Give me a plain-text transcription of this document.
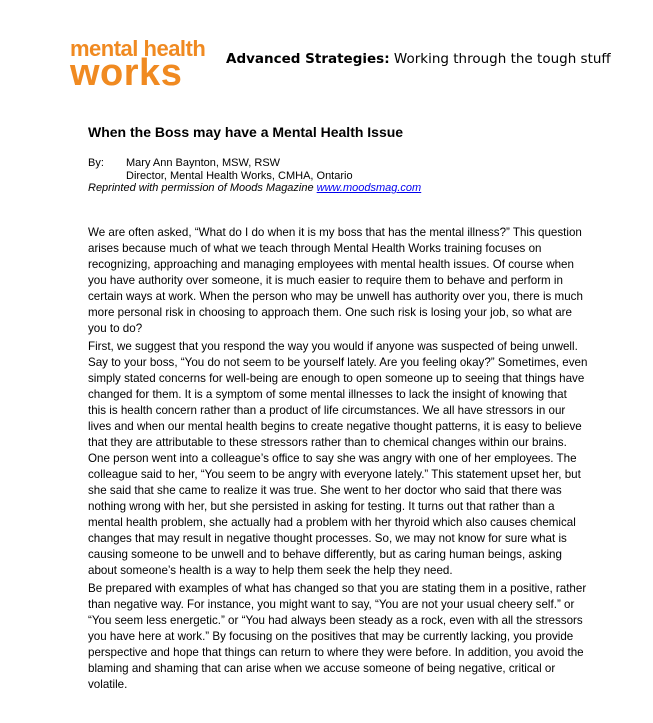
mental health
works	Advanced Strategies: Working through the tough stuff
When the Boss may have a Mental Health Issue
By: Mary Ann Baynton, MSW, RSW
Director, Mental Health Works, CMHA, Ontario
Reprinted with permission of Moods Magazine www.moodsmag.com

We are often asked, “What do I do when it is my boss that has the mental illness?” This question arises because much of what we teach through Mental Health Works training focuses on recognizing, approaching and managing employees with mental health issues. Of course when you have authority over someone, it is much easier to require them to behave and perform in certain ways at work. When the person who may be unwell has authority over you, there is much more personal risk in choosing to approach them. One such risk is losing your job, so what are you to do?

First, we suggest that you respond the way you would if anyone was suspected of being unwell. Say to your boss, “You do not seem to be yourself lately. Are you feeling okay?” Sometimes, even simply stated concerns for well-being are enough to open someone up to seeing that things have changed for them. It is a symptom of some mental illnesses to lack the insight of knowing that this is health concern rather than a product of life circumstances. We all have stressors in our lives and when our mental health begins to create negative thought patterns, it is easy to believe that they are attributable to these stressors rather than to chemical changes within our brains. One person went into a colleague’s office to say she was angry with one of her employees. The colleague said to her, “You seem to be angry with everyone lately.” This statement upset her, but she said that she came to realize it was true. She went to her doctor who said that there was nothing wrong with her, but she persisted in asking for testing. It turns out that rather than a mental health problem, she actually had a problem with her thyroid which also causes chemical changes that may result in negative thought processes. So, we may not know for sure what is causing someone to be unwell and to behave differently, but as caring human beings, asking about someone’s health is a way to help them seek the help they need.

Be prepared with examples of what has changed so that you are stating them in a positive, rather than negative way. For instance, you might want to say, “You are not your usual cheery self.” or “You seem less energetic.” or “You had always been steady as a rock, even with all the stressors you have here at work.” By focusing on the positives that may be currently lacking, you provide perspective and hope that things can return to where they were before. In addition, you avoid the blaming and shaming that can arise when we accuse someone of being negative, critical or volatile.
